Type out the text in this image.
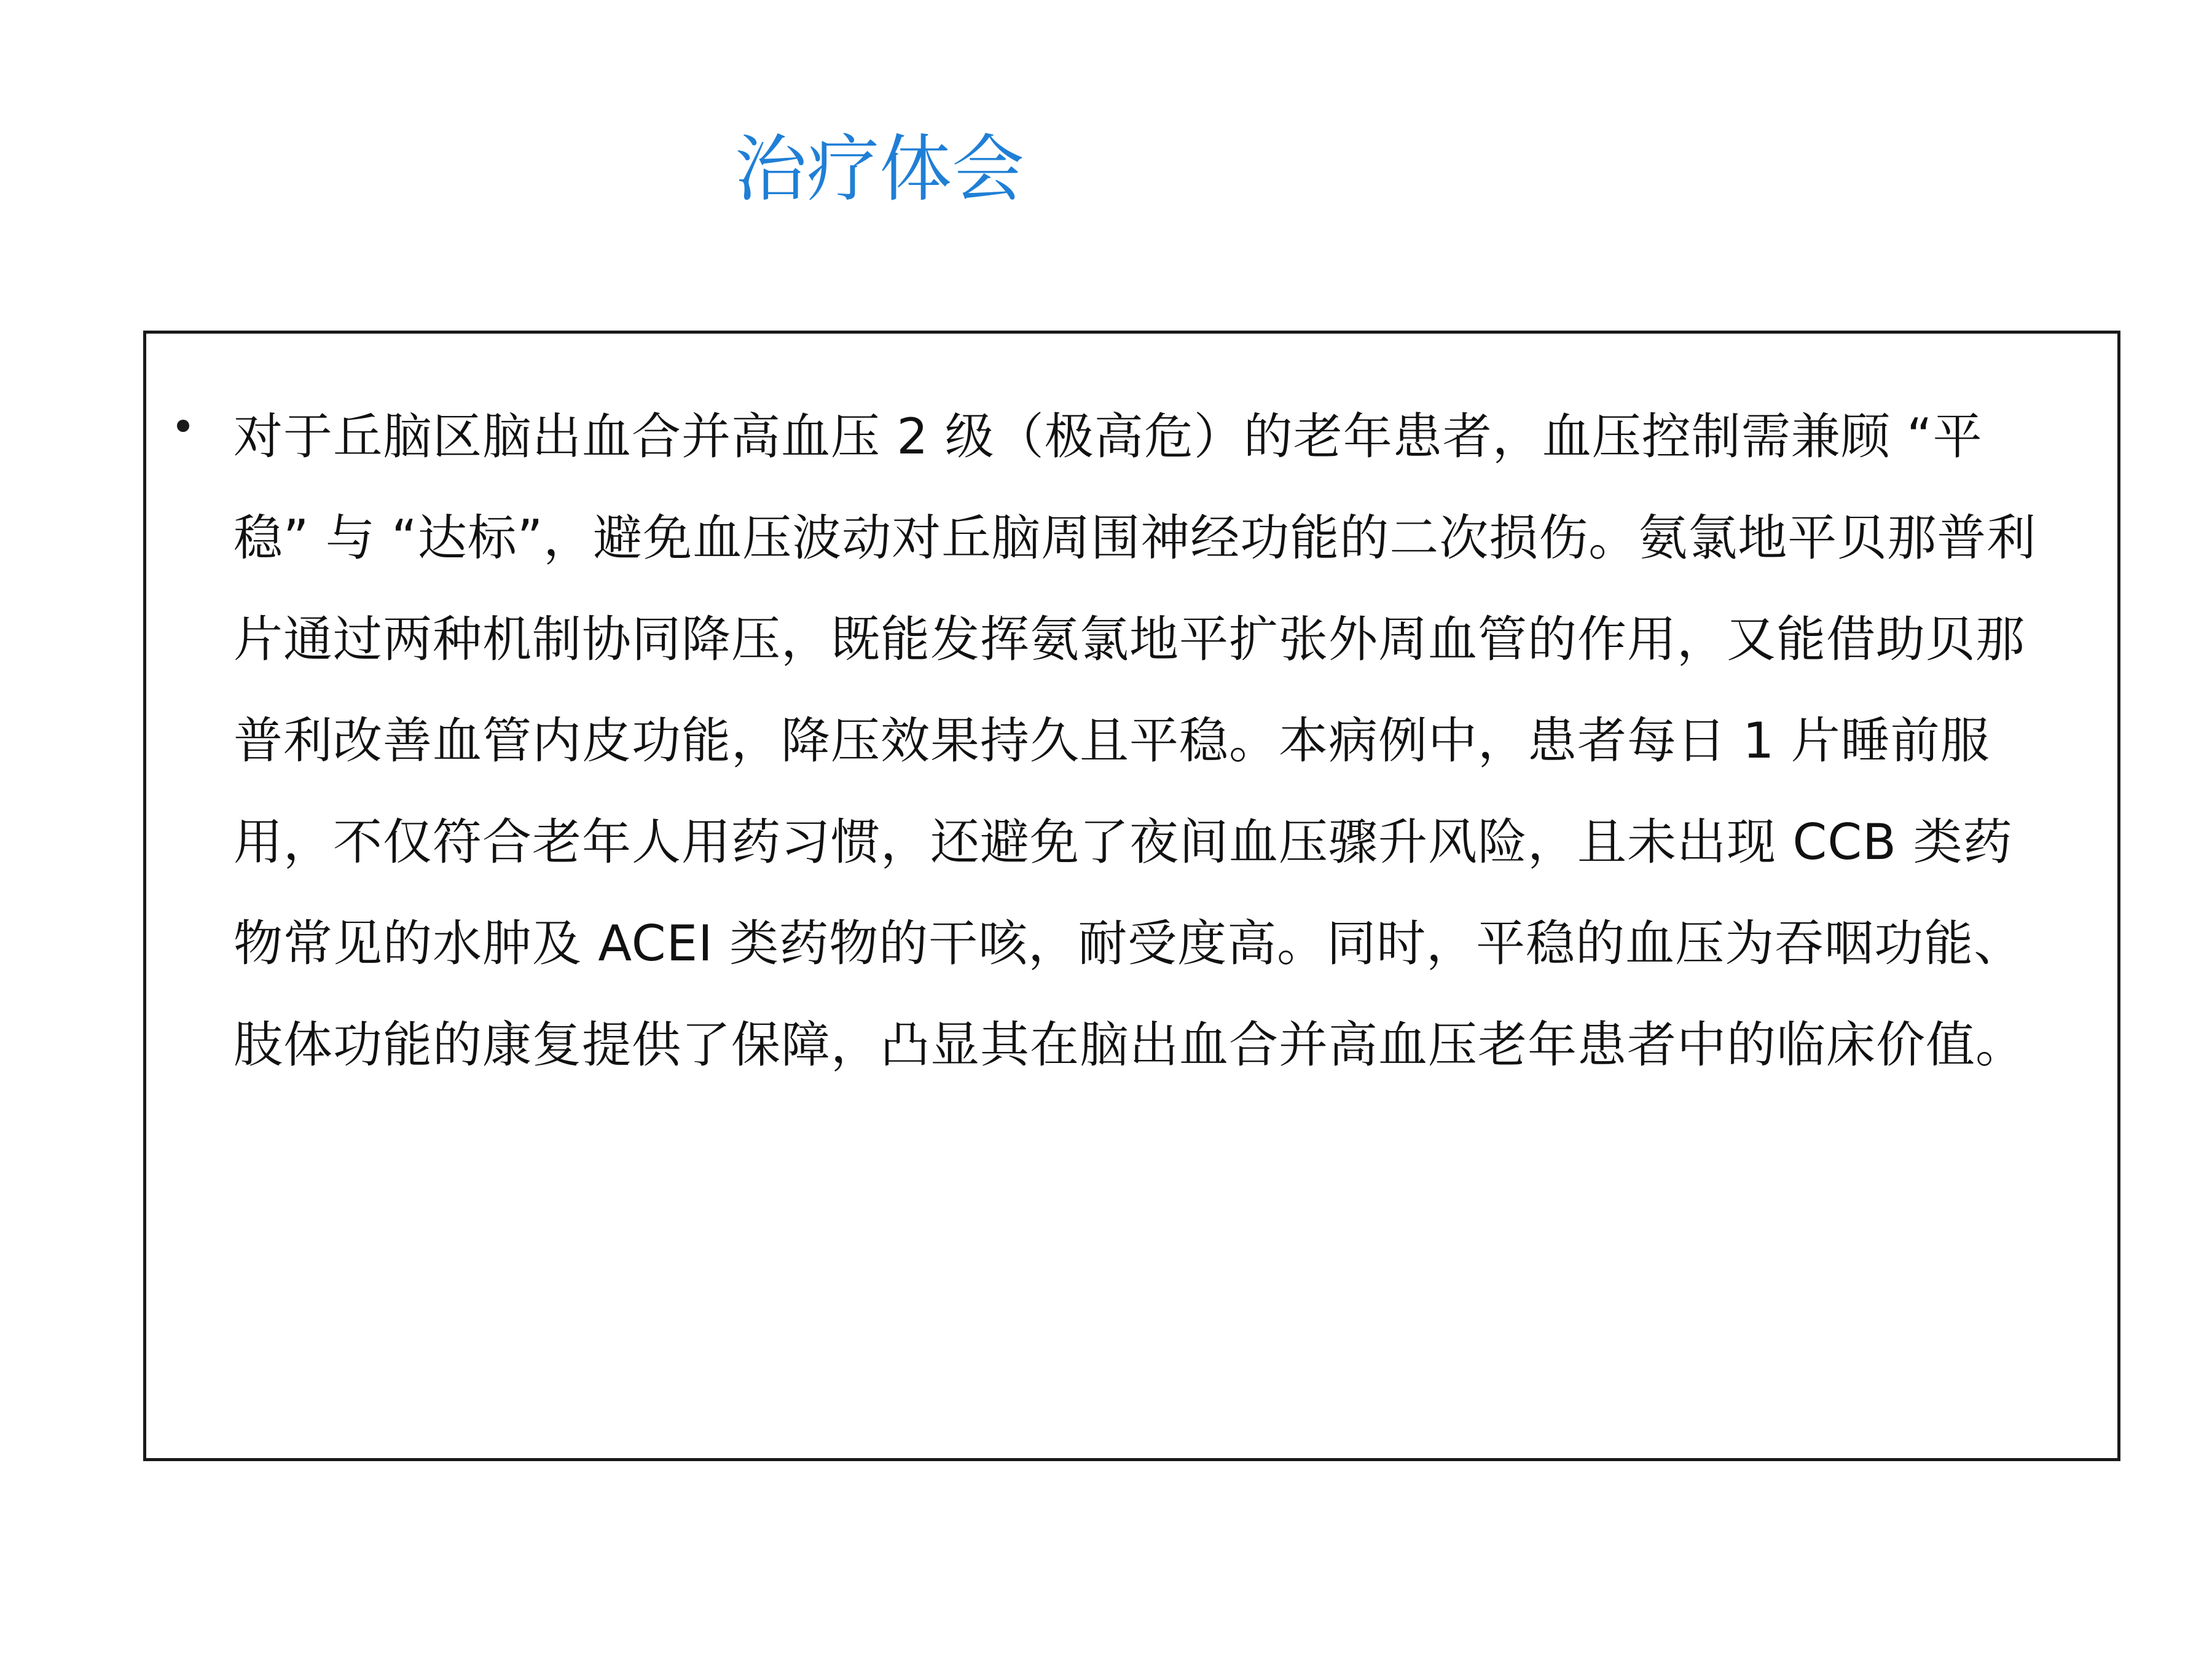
治疗体会

对于丘脑区脑出血合并高血压 2 级（极高危）的老年患者，血压控制需兼顾 “平稳” 与 “达标”，避免血压波动对丘脑周围神经功能的二次损伤。氨氯地平贝那普利片通过两种机制协同降压，既能发挥氨氯地平扩张外周血管的作用，又能借助贝那普利改善血管内皮功能，降压效果持久且平稳。本病例中，患者每日 1 片睡前服用，不仅符合老年人用药习惯，还避免了夜间血压骤升风险，且未出现 CCB 类药物常见的水肿及 ACEI 类药物的干咳，耐受度高。同时，平稳的血压为吞咽功能、肢体功能的康复提供了保障，凸显其在脑出血合并高血压老年患者中的临床价值。
